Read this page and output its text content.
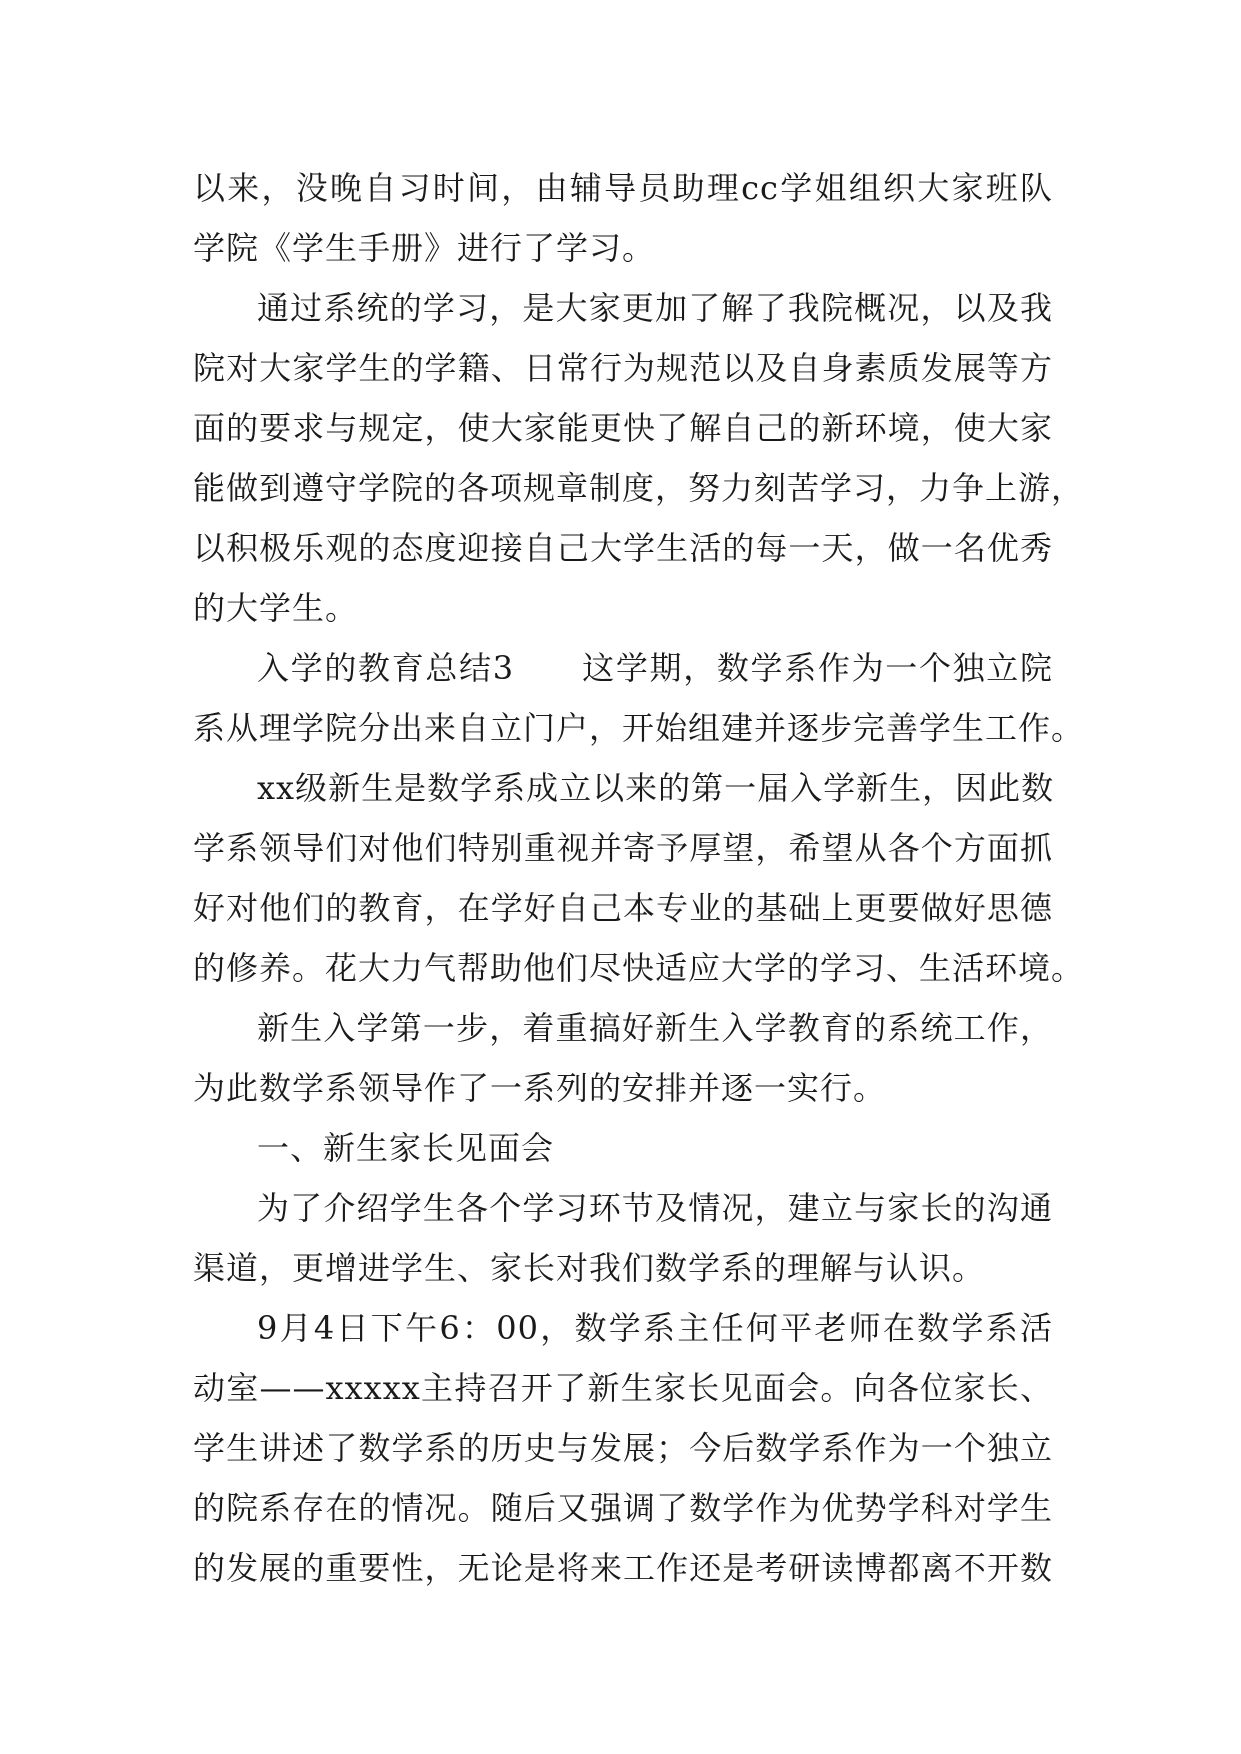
以来，没晚自习时间，由辅导员助理cc学姐组织大家班队
学院《学生手册》进行了学习。
通过系统的学习，是大家更加了解了我院概况，以及我
院对大家学生的学籍、日常行为规范以及自身素质发展等方
面的要求与规定，使大家能更快了解自己的新环境，使大家
能做到遵守学院的各项规章制度，努力刻苦学习，力争上游，
以积极乐观的态度迎接自己大学生活的每一天，做一名优秀
的大学生。
入学的教育总结3　　这学期，数学系作为一个独立院
系从理学院分出来自立门户，开始组建并逐步完善学生工作。
xx级新生是数学系成立以来的第一届入学新生，因此数
学系领导们对他们特别重视并寄予厚望，希望从各个方面抓
好对他们的教育，在学好自己本专业的基础上更要做好思德
的修养。花大力气帮助他们尽快适应大学的学习、生活环境。
新生入学第一步，着重搞好新生入学教育的系统工作，
为此数学系领导作了一系列的安排并逐一实行。
一、新生家长见面会
为了介绍学生各个学习环节及情况，建立与家长的沟通
渠道，更增进学生、家长对我们数学系的理解与认识。
9月4日下午6：00，数学系主任何平老师在数学系活
动室——xxxxx主持召开了新生家长见面会。向各位家长、
学生讲述了数学系的历史与发展；今后数学系作为一个独立
的院系存在的情况。随后又强调了数学作为优势学科对学生
的发展的重要性，无论是将来工作还是考研读博都离不开数
